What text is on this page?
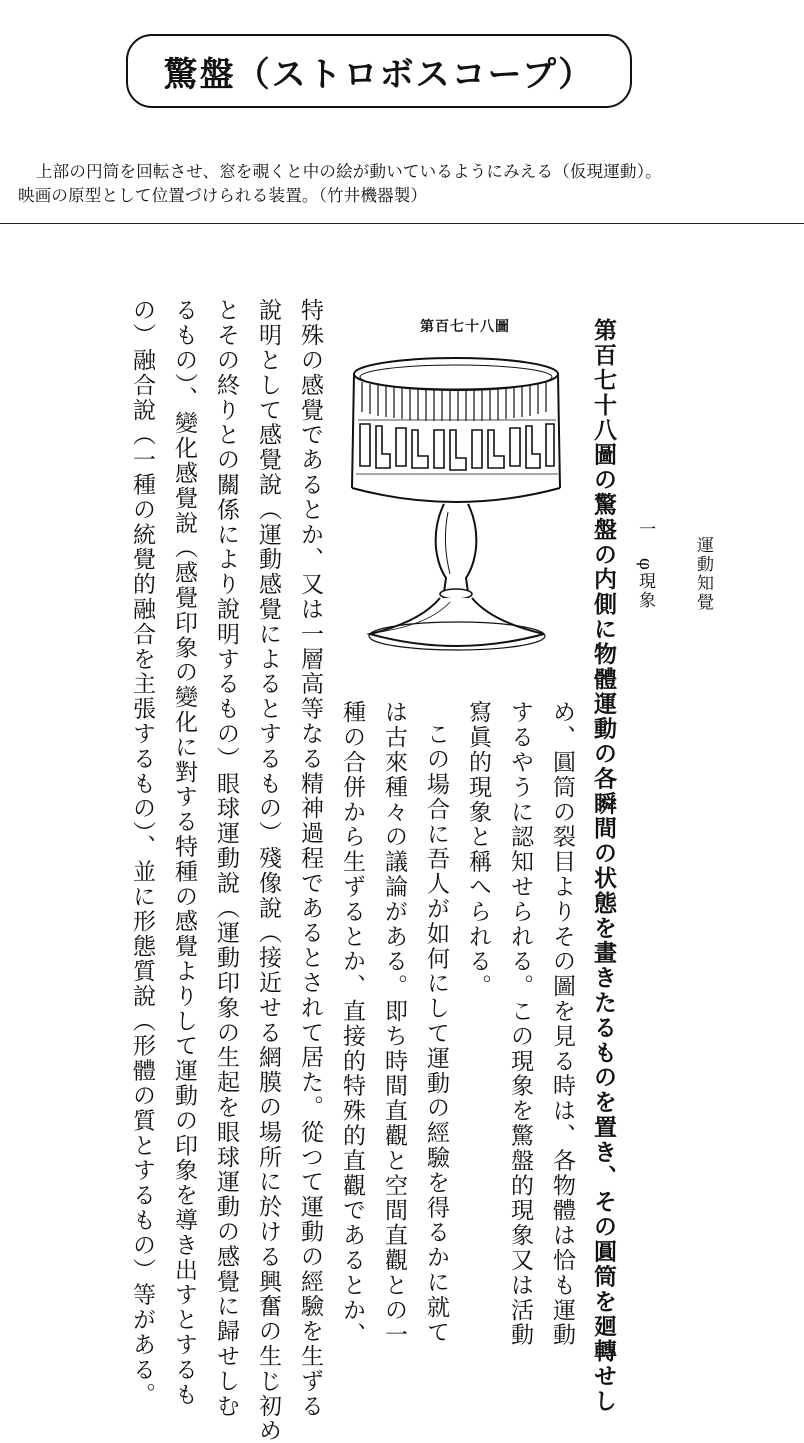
驚盤（ストロボスコープ）
上部の円筒を回転させ、窓を覗くと中の絵が動いているようにみえる（仮現運動）。
映画の原型として位置づけられる装置。（竹井機器製）
運動知覺
一　φ現象
第百七十八圖の驚盤の内側に物體運動の各瞬間の状態を畫きたるものを置き、その圓筒を廻轉せし
め、圓筒の裂目よりその圖を見る時は、各物體は恰も運動
するやうに認知せられる。この現象を驚盤的現象又は活動
寫眞的現象と稱へられる。
この場合に吾人が如何にして運動の經驗を得るかに就て
は古來種々の議論がある。即ち時間直觀と空間直觀との一
種の合併から生ずるとか、直接的特殊的直觀であるとか、
特殊の感覺であるとか、又は一層高等なる精神過程であるとされて居た。從つて運動の經驗を生ずる
說明として感覺說（運動感覺によるとするもの）殘像說（接近せる網膜の場所に於ける興奮の生じ初め
とその終りとの關係により說明するもの）眼球運動說（運動印象の生起を眼球運動の感覺に歸せしむ
るもの）、變化感覺說（感覺印象の變化に對する特種の感覺よりして運動の印象を導き出すとするも
の）融合說（一種の統覺的融合を主張するもの）、並に形態質說（形體の質とするもの）等がある。	第百七十八圖
